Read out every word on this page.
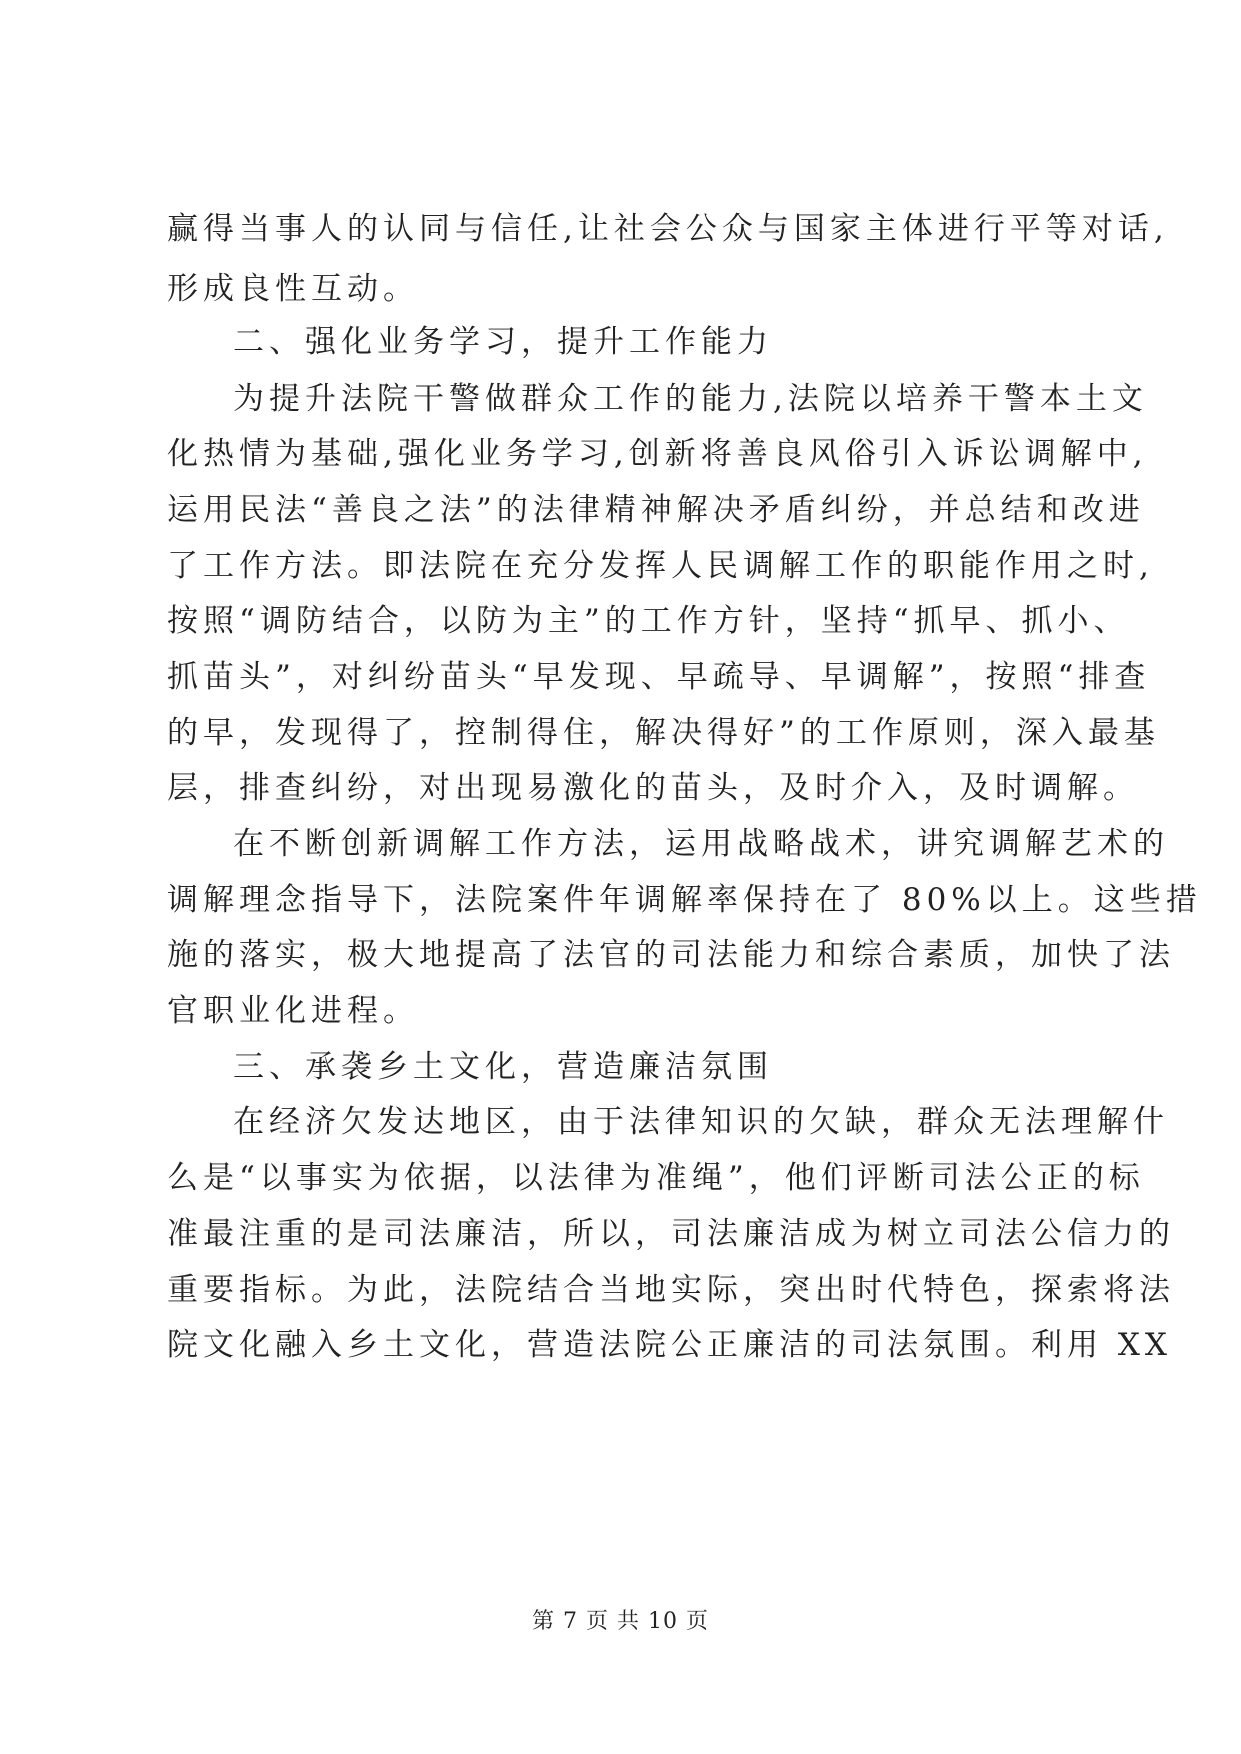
赢得当事人的认同与信任,让社会公众与国家主体进行平等对话,
形成良性互动。
二、强化业务学习，提升工作能力
为提升法院干警做群众工作的能力,法院以培养干警本土文
化热情为基础,强化业务学习,创新将善良风俗引入诉讼调解中,
运用民法“善良之法”的法律精神解决矛盾纠纷，并总结和改进
了工作方法。即法院在充分发挥人民调解工作的职能作用之时,
按照“调防结合，以防为主”的工作方针，坚持“抓早、抓小、
抓苗头”，对纠纷苗头“早发现、早疏导、早调解”，按照“排查
的早，发现得了，控制得住，解决得好”的工作原则，深入最基
层，排查纠纷，对出现易激化的苗头，及时介入，及时调解。
在不断创新调解工作方法，运用战略战术，讲究调解艺术的
调解理念指导下，法院案件年调解率保持在了 80%以上。这些措
施的落实，极大地提高了法官的司法能力和综合素质，加快了法
官职业化进程。
三、承袭乡土文化，营造廉洁氛围
在经济欠发达地区，由于法律知识的欠缺，群众无法理解什
么是“以事实为依据，以法律为准绳”，他们评断司法公正的标
准最注重的是司法廉洁，所以，司法廉洁成为树立司法公信力的
重要指标。为此，法院结合当地实际，突出时代特色，探索将法
院文化融入乡土文化，营造法院公正廉洁的司法氛围。利用 XX
第 7 页 共 10 页
